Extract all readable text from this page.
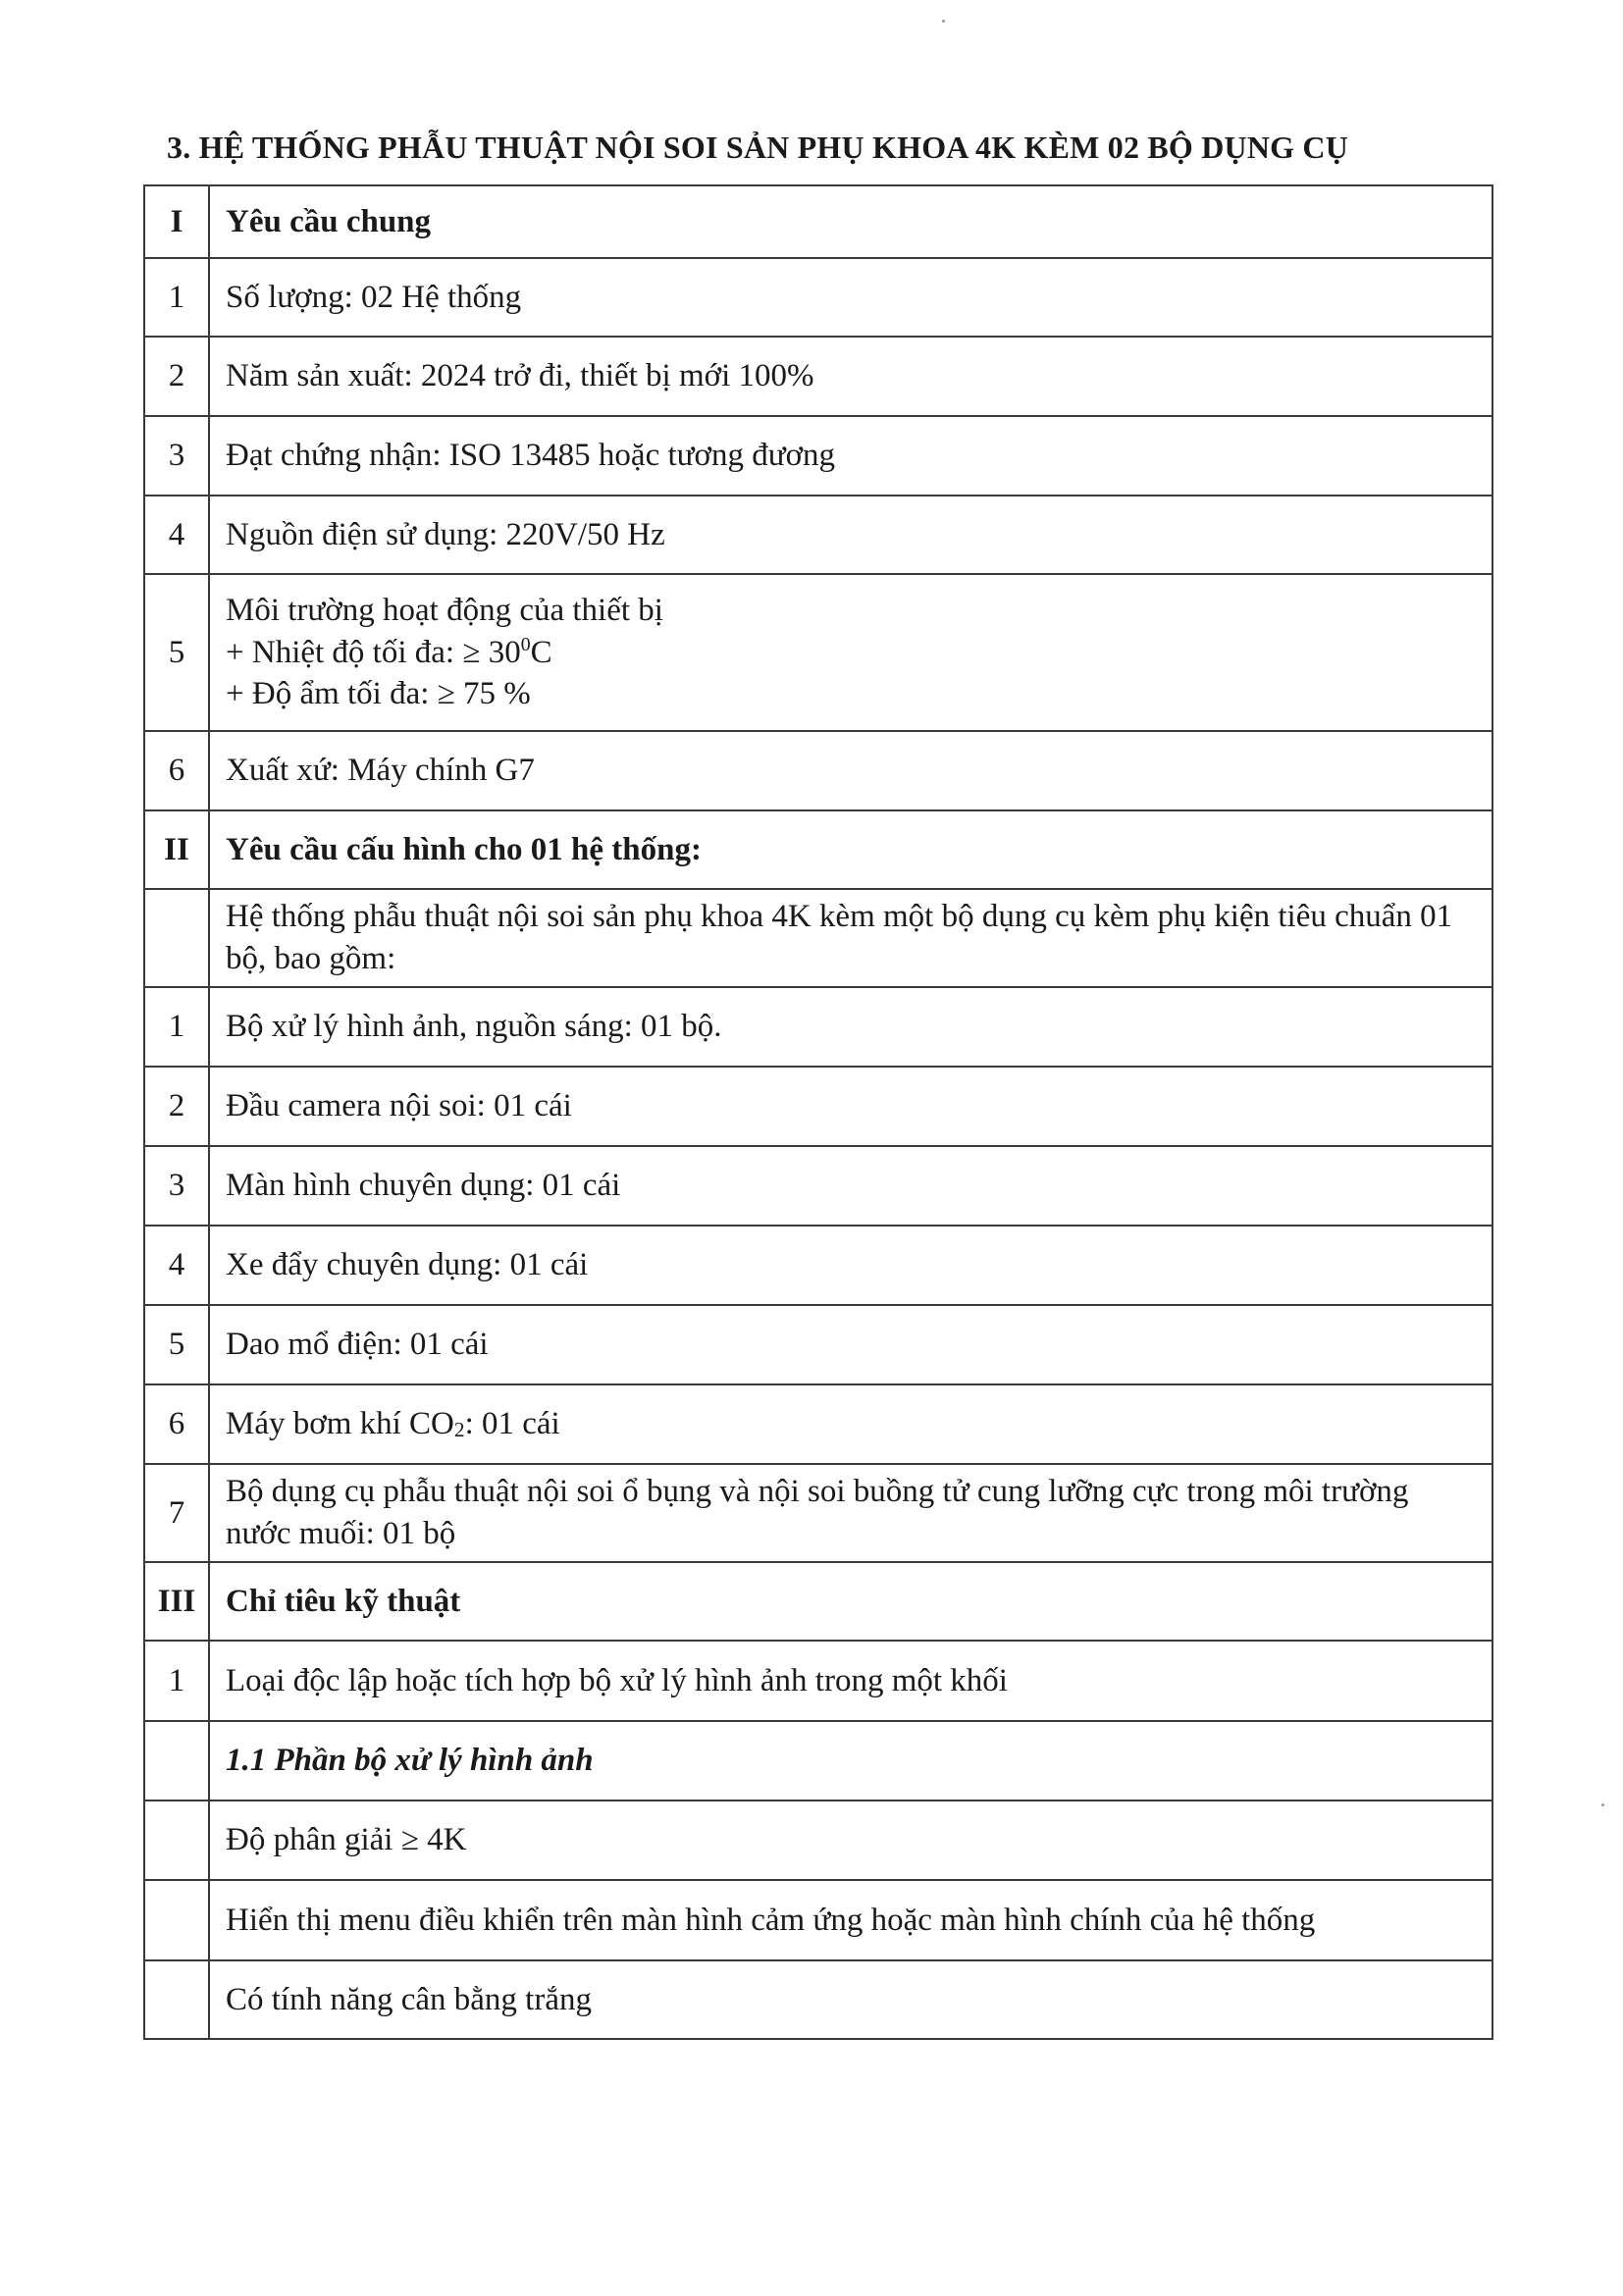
3. HỆ THỐNG PHẪU THUẬT NỘI SOI SẢN PHỤ KHOA 4K KÈM 02 BỘ DỤNG CỤ
I	Yêu cầu chung
1	Số lượng: 02 Hệ thống
2	Năm sản xuất: 2024 trở đi, thiết bị mới 100%
3	Đạt chứng nhận: ISO 13485 hoặc tương đương
4	Nguồn điện sử dụng: 220V/50 Hz
5	Môi trường hoạt động của thiết bị
+ Nhiệt độ tối đa: ≥ $30^0C$
+ Độ ẩm tối đa: ≥ 75 %

6	Xuất xứ: Máy chính G7
II	Yêu cầu cấu hình cho 01 hệ thống:
	Hệ thống phẫu thuật nội soi sản phụ khoa 4K kèm một bộ dụng cụ kèm phụ kiện tiêu chuẩn 01 bộ, bao gồm:
1	Bộ xử lý hình ảnh, nguồn sáng: 01 bộ.
2	Đầu camera nội soi: 01 cái
3	Màn hình chuyên dụng: 01 cái
4	Xe đẩy chuyên dụng: 01 cái
5	Dao mổ điện: 01 cái
6	Máy bơm khí CO2: 01 cái
7	Bộ dụng cụ phẫu thuật nội soi ổ bụng và nội soi buồng tử cung lưỡng cực trong môi trường nước muối: 01 bộ
III	Chỉ tiêu kỹ thuật
1	Loại độc lập hoặc tích hợp bộ xử lý hình ảnh trong một khối
	1.1 Phần bộ xử lý hình ảnh
	Độ phân giải ≥ 4K
	Hiển thị menu điều khiển trên màn hình cảm ứng hoặc màn hình chính của hệ thống
	Có tính năng cân bằng trắng
